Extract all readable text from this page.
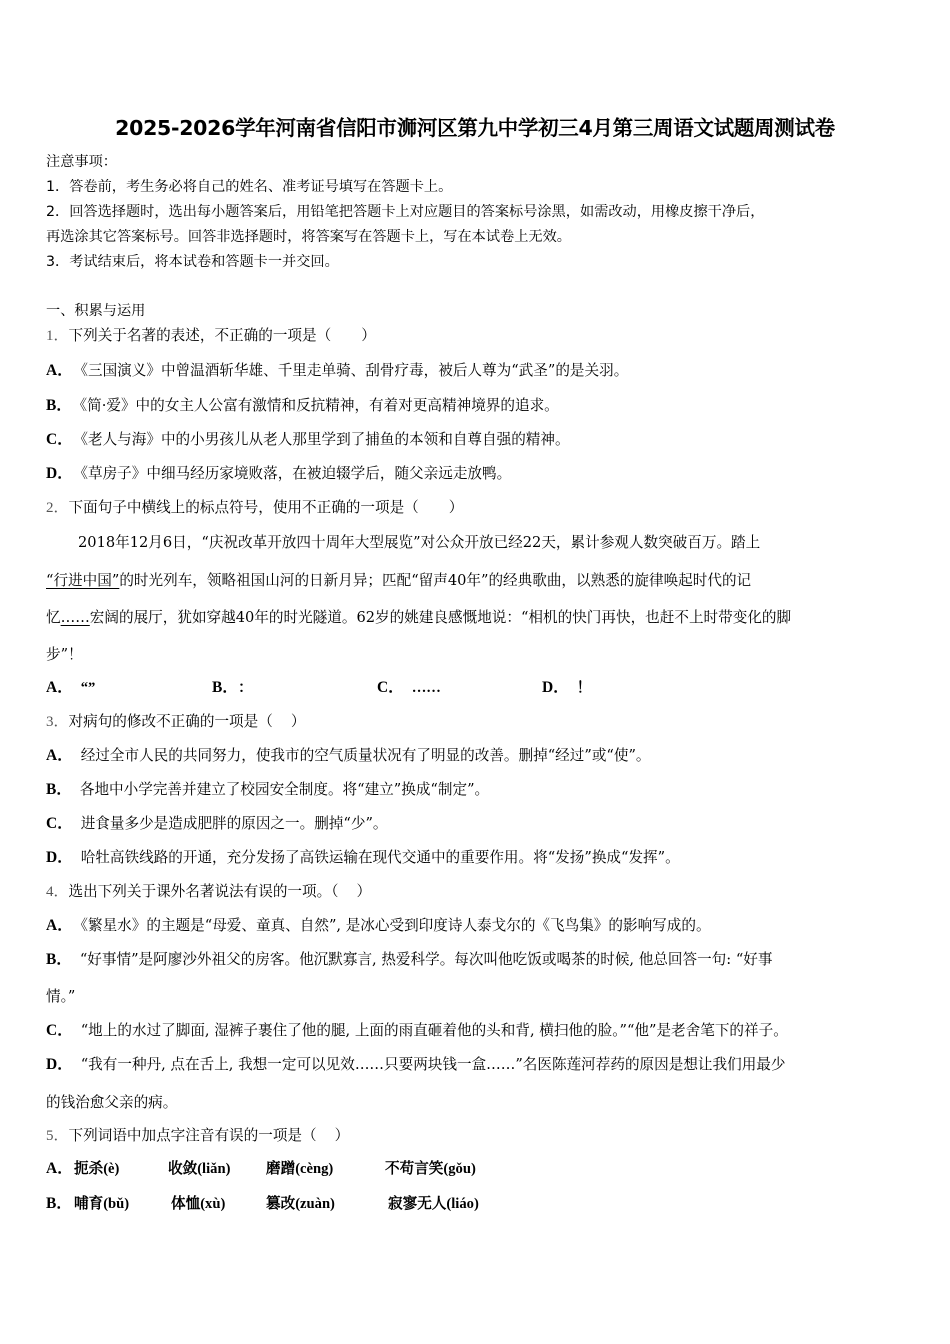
2025-2026学年河南省信阳市浉河区第九中学初三4月第三周语文试题周测试卷
注意事项：
1．答卷前，考生务必将自己的姓名、准考证号填写在答题卡上。
2．回答选择题时，选出每小题答案后，用铅笔把答题卡上对应题目的答案标号涂黑，如需改动，用橡皮擦干净后，
再选涂其它答案标号。回答非选择题时，将答案写在答题卡上，写在本试卷上无效。
3．考试结束后，将本试卷和答题卡一并交回。
一、积累与运用
1．下列关于名著的表述，不正确的一项是（ ）
A． 《三国演义》中曾温酒斩华雄、千里走单骑、刮骨疗毒，被后人尊为“武圣”的是关羽。
B． 《简·爱》中的女主人公富有激情和反抗精神，有着对更高精神境界的追求。
C． 《老人与海》中的小男孩儿从老人那里学到了捕鱼的本领和自尊自强的精神。
D． 《草房子》中细马经历家境败落，在被迫辍学后，随父亲远走放鸭。
2．下面句子中横线上的标点符号，使用不正确的一项是（ ）
2018年12月6日，“庆祝改革开放四十周年大型展览”对公众开放已经22天，累计参观人数突破百万。踏上
“行进中国”的时光列车，领略祖国山河的日新月异；匹配“留声40年”的经典歌曲，以熟悉的旋律唤起时代的记
忆……宏阔的展厅，犹如穿越40年的时光隧道。62岁的姚建良感慨地说：“相机的快门再快，也赶不上时带变化的脚
步”！
A． “”	B． ：	C． ……	D． ！
3．对病句的修改不正确的一项是（ ）
A． 经过全市人民的共同努力，使我市的空气质量状况有了明显的改善。删掉“经过”或“使”。
B． 各地中小学完善并建立了校园安全制度。将“建立”换成“制定”。
C． 进食量多少是造成肥胖的原因之一。删掉“少”。
D． 哈牡高铁线路的开通，充分发扬了高铁运输在现代交通中的重要作用。将“发扬”换成“发挥”。
4．选出下列关于课外名著说法有误的一项。（ ）
A． 《繁星水》的主题是“母爱、童真、自然”, 是冰心受到印度诗人泰戈尔的《飞鸟集》的影响写成的。
B． “好事情”是阿廖沙外祖父的房客。他沉默寡言, 热爱科学。每次叫他吃饭或喝茶的时候, 他总回答一句: “好事
情。”
C． “地上的水过了脚面, 湿裤子裹住了他的腿, 上面的雨直砸着他的头和背, 横扫他的脸。”“他”是老舍笔下的祥子。
D． “我有一种丹, 点在舌上, 我想一定可以见效……只要两块钱一盒……”名医陈莲河荐药的原因是想让我们用最少
的钱治愈父亲的病。
5．下列词语中加点字注音有误的一项是（ ）
A． 扼杀(è)	收敛(liǎn) 磨蹭(cèng)	不苟言笑(gǒu)
B． 哺育(bǔ)	体恤(xù)	篡改(zuàn)	寂寥无人(liáo)
